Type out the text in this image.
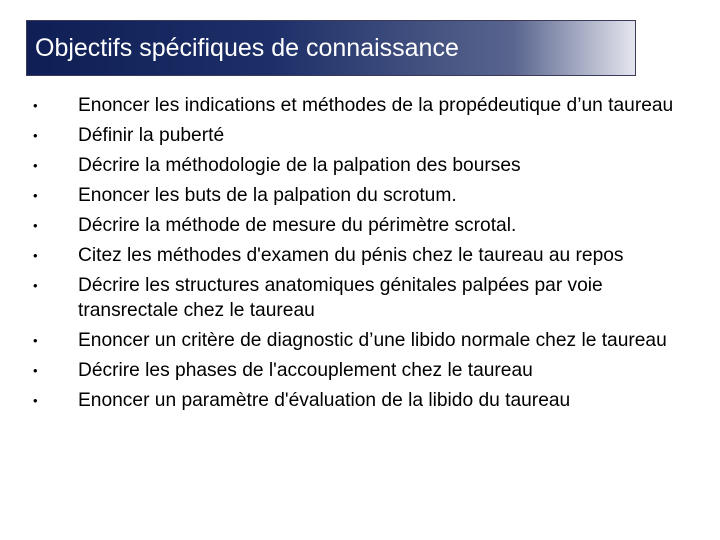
Objectifs spécifiques de connaissance
• Enoncer les indications et méthodes de la propédeutique d’un taureau
• Définir la puberté
• Décrire la méthodologie de la palpation des bourses
• Enoncer les buts de la palpation du scrotum.
• Décrire la méthode de mesure du périmètre scrotal.
• Citez les méthodes d'examen du pénis chez le taureau au repos
• Décrire les structures anatomiques génitales palpées par voie transrectale chez le taureau
• Enoncer un critère de diagnostic d’une libido normale chez le taureau
• Décrire les phases de l'accouplement chez le taureau
• Enoncer un paramètre d'évaluation de la libido du taureau
